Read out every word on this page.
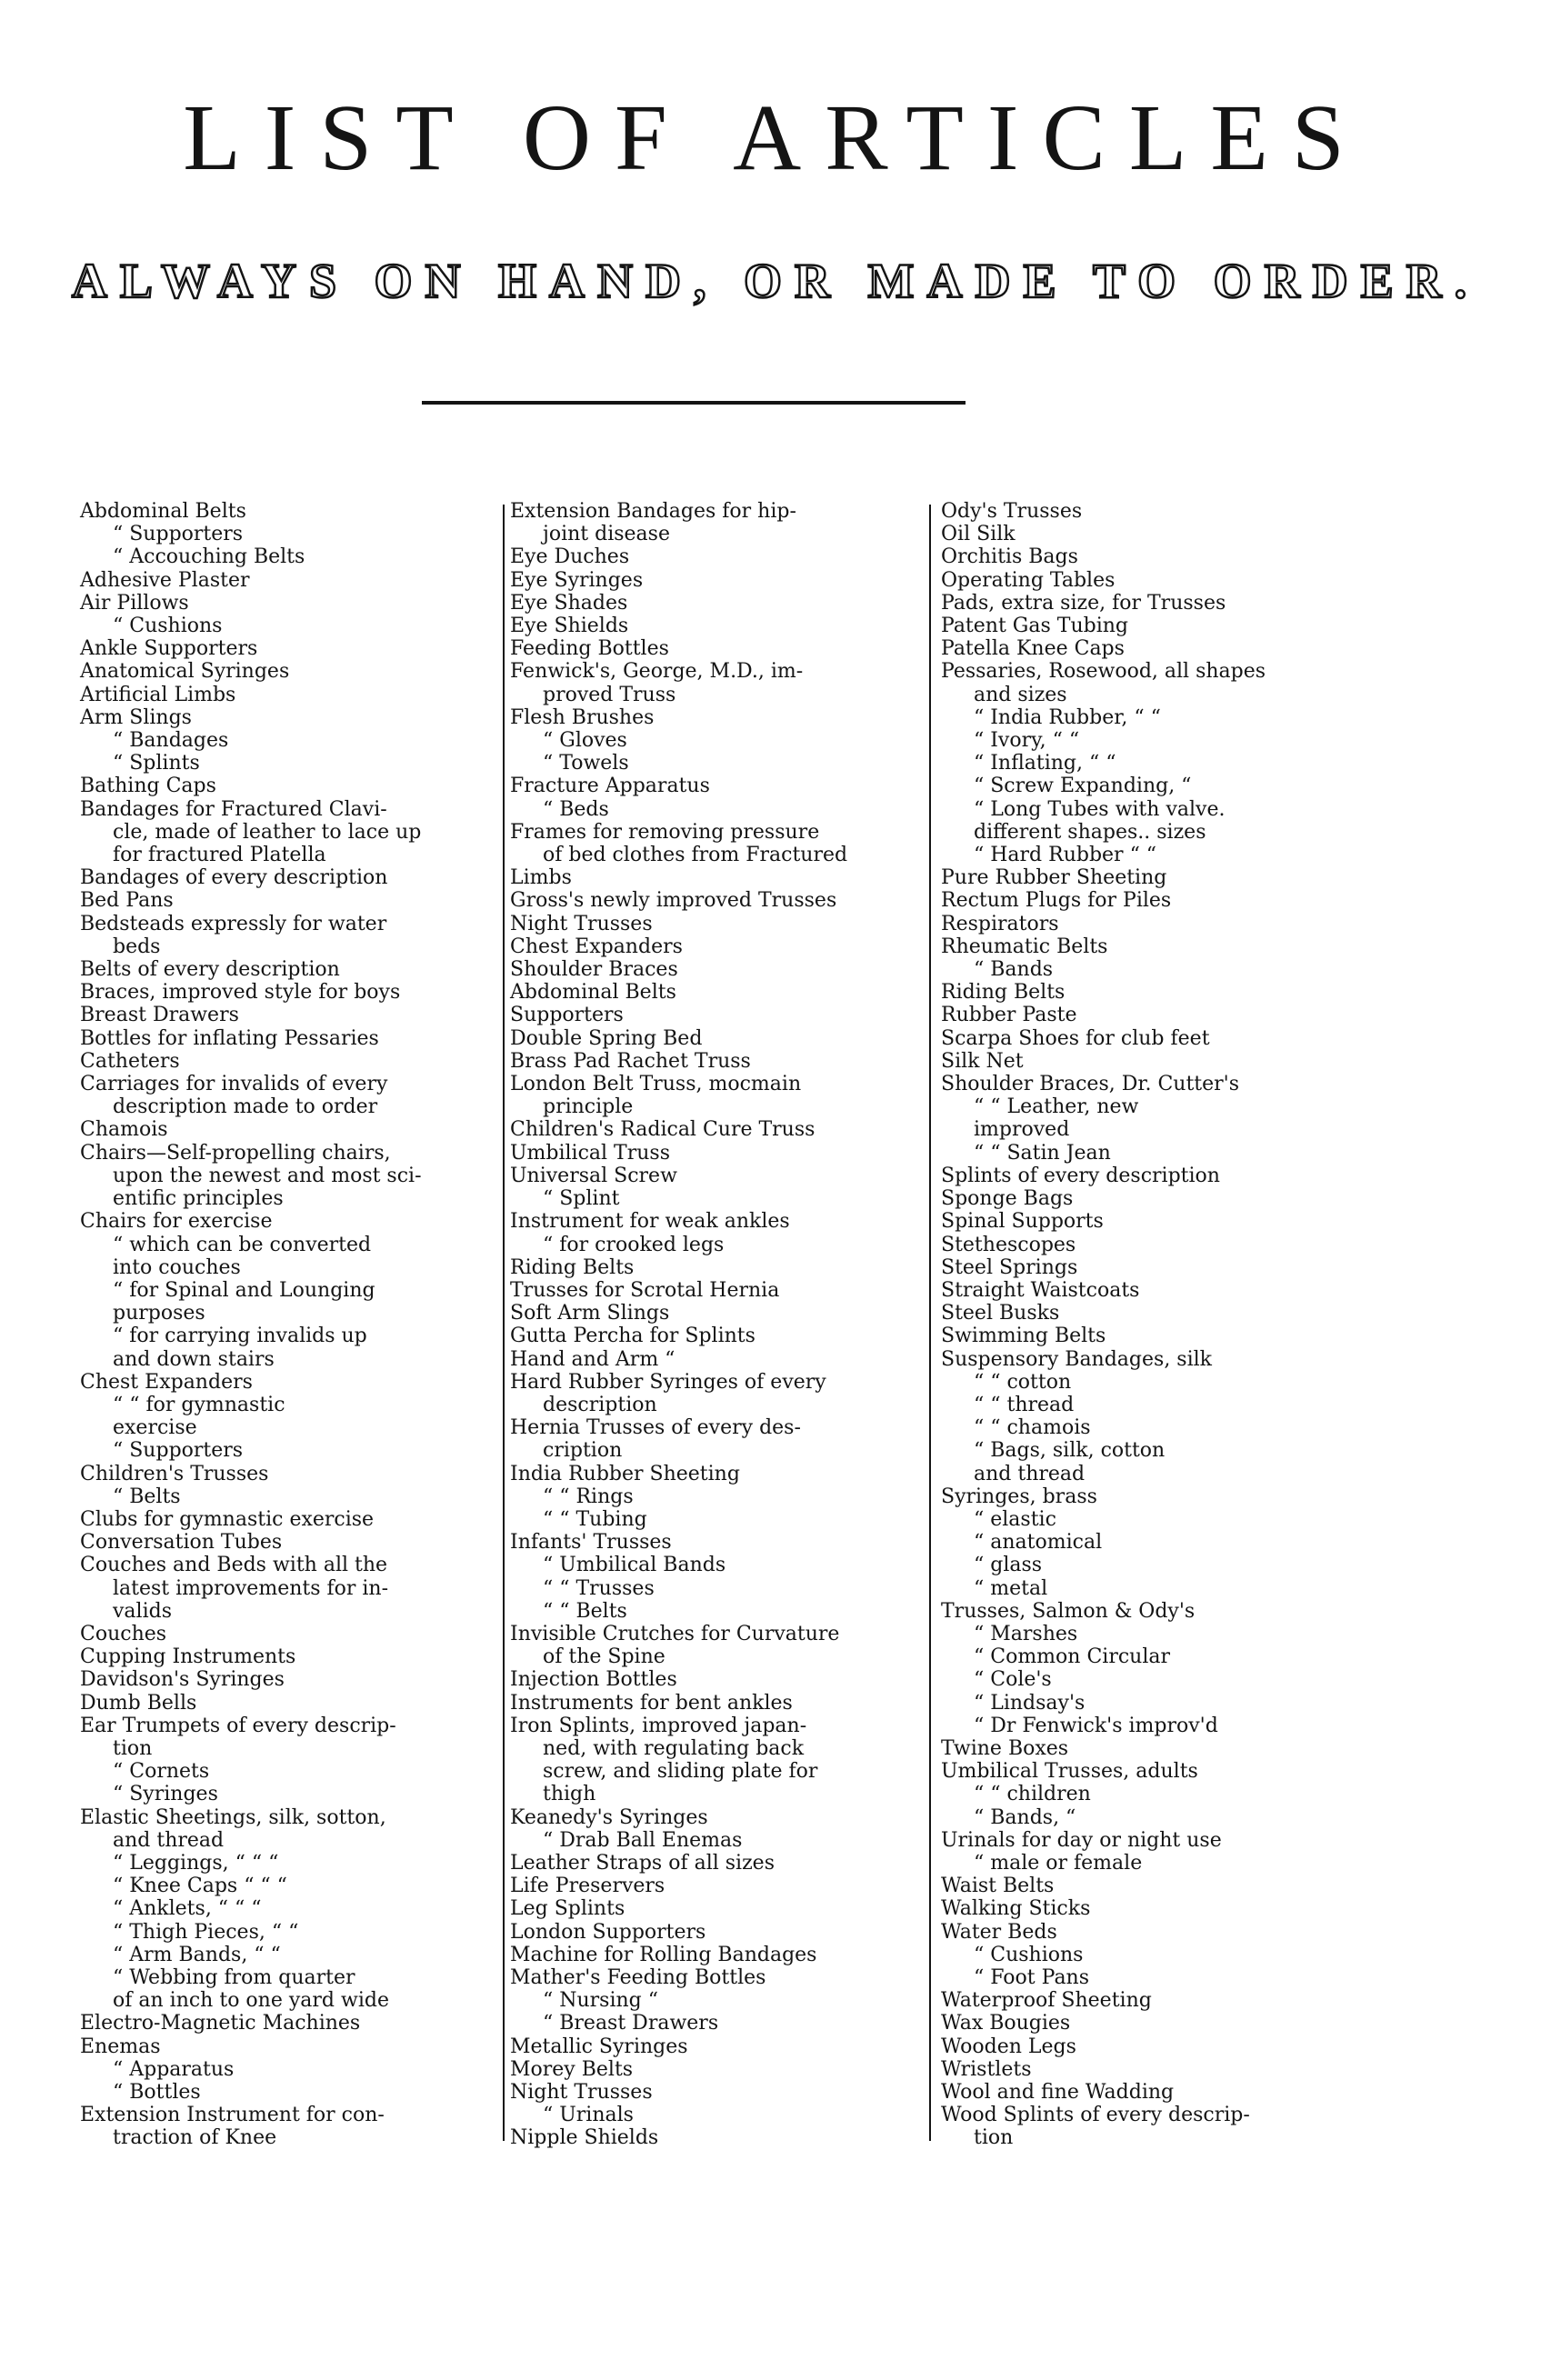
LIST OF ARTICLES
ALWAYS ON HAND, OR MADE TO ORDER.
Abdominal Belts
“ Supporters
“ Accouching Belts
Adhesive Plaster
Air Pillows
“ Cushions
Ankle Supporters
Anatomical Syringes
Artificial Limbs
Arm Slings
“ Bandages
“ Splints
Bathing Caps
Bandages for Fractured Clavi-
cle, made of leather to lace up
for fractured Platella
Bandages of every description
Bed Pans
Bedsteads expressly for water
beds
Belts of every description
Braces, improved style for boys
Breast Drawers
Bottles for inflating Pessaries
Catheters
Carriages for invalids of every
description made to order
Chamois
Chairs—Self-propelling chairs,
upon the newest and most sci-
entific principles
Chairs for exercise
“ which can be converted
into couches
“ for Spinal and Lounging
purposes
“ for carrying invalids up
and down stairs
Chest Expanders
“ “ for gymnastic
exercise
“ Supporters
Children's Trusses
“ Belts
Clubs for gymnastic exercise
Conversation Tubes
Couches and Beds with all the
latest improvements for in-
valids
Couches
Cupping Instruments
Davidson's Syringes
Dumb Bells
Ear Trumpets of every descrip-
tion
“ Cornets
“ Syringes
Elastic Sheetings, silk, sotton,
and thread
“ Leggings, “ “ “
“ Knee Caps “ “ “
“ Anklets, “ “ “
“ Thigh Pieces, “ “
“ Arm Bands, “ “
“ Webbing from quarter
of an inch to one yard wide
Electro-Magnetic Machines
Enemas
“ Apparatus
“ Bottles
Extension Instrument for con-
traction of Knee
Extension Bandages for hip-
joint disease
Eye Duches
Eye Syringes
Eye Shades
Eye Shields
Feeding Bottles
Fenwick's, George, M.D., im-
proved Truss
Flesh Brushes
“ Gloves
“ Towels
Fracture Apparatus
“ Beds
Frames for removing pressure
of bed clothes from Fractured
Limbs
Gross's newly improved Trusses
Night Trusses
Chest Expanders
Shoulder Braces
Abdominal Belts
Supporters
Double Spring Bed
Brass Pad Rachet Truss
London Belt Truss, mocmain
principle
Children's Radical Cure Truss
Umbilical Truss
Universal Screw
“ Splint
Instrument for weak ankles
“ for crooked legs
Riding Belts
Trusses for Scrotal Hernia
Soft Arm Slings
Gutta Percha for Splints
Hand and Arm “
Hard Rubber Syringes of every
description
Hernia Trusses of every des-
cription
India Rubber Sheeting
“ “ Rings
“ “ Tubing
Infants' Trusses
“ Umbilical Bands
“ “ Trusses
“ “ Belts
Invisible Crutches for Curvature
of the Spine
Injection Bottles
Instruments for bent ankles
Iron Splints, improved japan-
ned, with regulating back
screw, and sliding plate for
thigh
Keanedy's Syringes
“ Drab Ball Enemas
Leather Straps of all sizes
Life Preservers
Leg Splints
London Supporters
Machine for Rolling Bandages
Mather's Feeding Bottles
“ Nursing “
“ Breast Drawers
Metallic Syringes
Morey Belts
Night Trusses
“ Urinals
Nipple Shields
Ody's Trusses
Oil Silk
Orchitis Bags
Operating Tables
Pads, extra size, for Trusses
Patent Gas Tubing
Patella Knee Caps
Pessaries, Rosewood, all shapes
and sizes
“ India Rubber, “ “
“ Ivory, “ “
“ Inflating, “ “
“ Screw Expanding, “
“ Long Tubes with valve.
different shapes.. sizes
“ Hard Rubber “ “
Pure Rubber Sheeting
Rectum Plugs for Piles
Respirators
Rheumatic Belts
“ Bands
Riding Belts
Rubber Paste
Scarpa Shoes for club feet
Silk Net
Shoulder Braces, Dr. Cutter's
“ “ Leather, new
improved
“ “ Satin Jean
Splints of every description
Sponge Bags
Spinal Supports
Stethescopes
Steel Springs
Straight Waistcoats
Steel Busks
Swimming Belts
Suspensory Bandages, silk
“ “ cotton
“ “ thread
“ “ chamois
“ Bags, silk, cotton
and thread
Syringes, brass
“ elastic
“ anatomical
“ glass
“ metal
Trusses, Salmon & Ody's
“ Marshes
“ Common Circular
“ Cole's
“ Lindsay's
“ Dr Fenwick's improv'd
Twine Boxes
Umbilical Trusses, adults
“ “ children
“ Bands, “
Urinals for day or night use
“ male or female
Waist Belts
Walking Sticks
Water Beds
“ Cushions
“ Foot Pans
Waterproof Sheeting
Wax Bougies
Wooden Legs
Wristlets
Wool and fine Wadding
Wood Splints of every descrip-
tion
